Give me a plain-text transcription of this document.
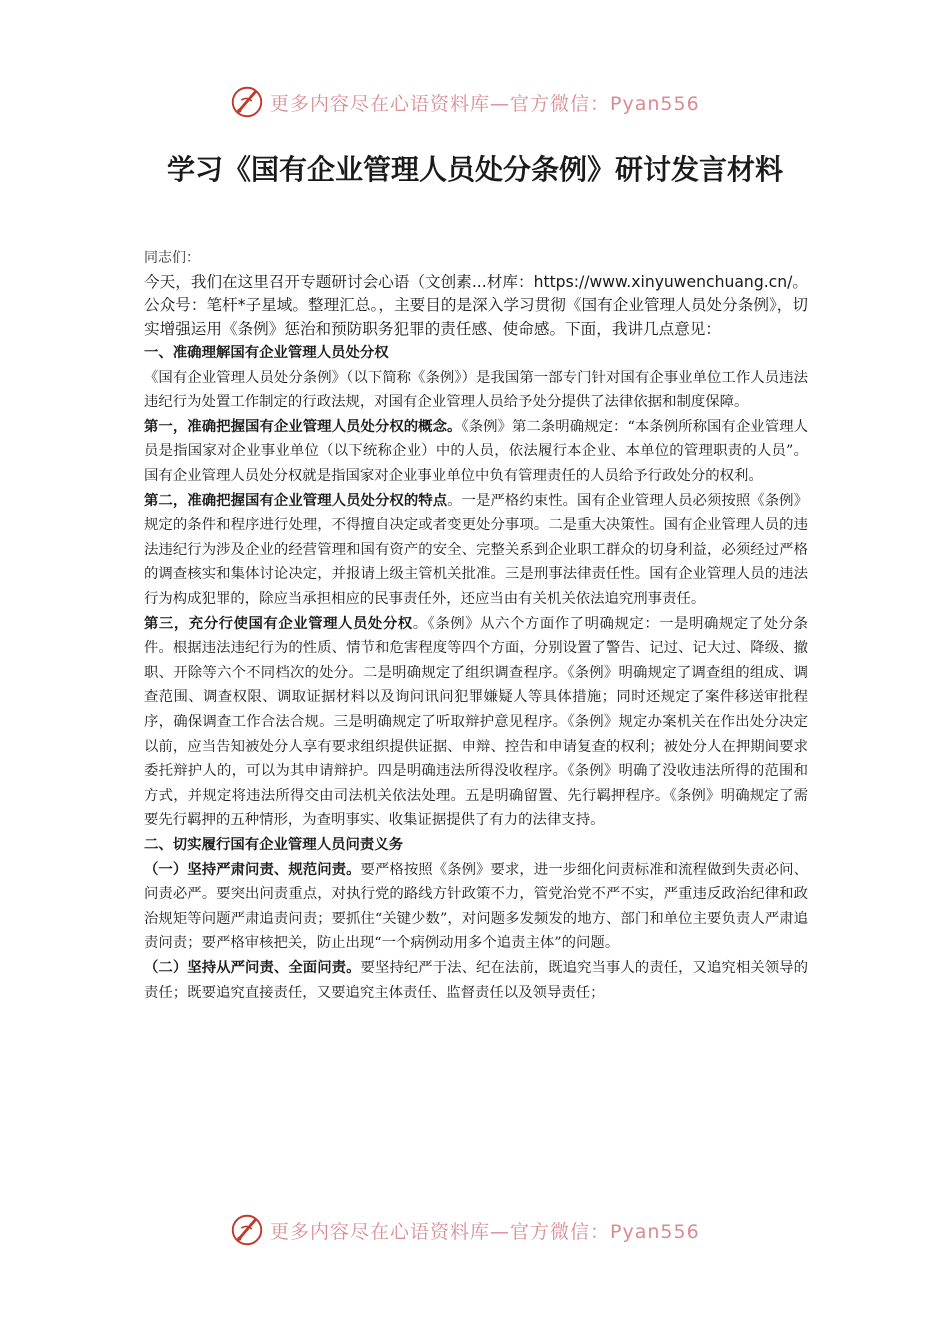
更多内容尽在心语资料库—官方微信：Pyan556
学习《国有企业管理人员处分条例》研讨发言材料

同志们：

今天，我们在这里召开专题研讨会心语（文创素...材库：https://www.xinyuwenchuang.cn/。公众号：笔杆*子星域。整理汇总。，主要目的是深入学习贯彻《国有企业管理人员处分条例》，切实增强运用《条例》惩治和预防职务犯罪的责任感、使命感。下面，我讲几点意见：

一、准确理解国有企业管理人员处分权

《国有企业管理人员处分条例》（以下简称《条例》）是我国第一部专门针对国有企事业单位工作人员违法违纪行为处置工作制定的行政法规，对国有企业管理人员给予处分提供了法律依据和制度保障。

第一，准确把握国有企业管理人员处分权的概念。《条例》第二条明确规定：“本条例所称国有企业管理人员是指国家对企业事业单位（以下统称企业）中的人员，依法履行本企业、本单位的管理职责的人员”。国有企业管理人员处分权就是指国家对企业事业单位中负有管理责任的人员给予行政处分的权利。

第二，准确把握国有企业管理人员处分权的特点。一是严格约束性。国有企业管理人员必须按照《条例》规定的条件和程序进行处理，不得擅自决定或者变更处分事项。二是重大决策性。国有企业管理人员的违法违纪行为涉及企业的经营管理和国有资产的安全、完整关系到企业职工群众的切身利益，必须经过严格的调查核实和集体讨论决定，并报请上级主管机关批准。三是刑事法律责任性。国有企业管理人员的违法行为构成犯罪的，除应当承担相应的民事责任外，还应当由有关机关依法追究刑事责任。

第三，充分行使国有企业管理人员处分权。《条例》从六个方面作了明确规定：一是明确规定了处分条件。根据违法违纪行为的性质、情节和危害程度等四个方面，分别设置了警告、记过、记大过、降级、撤职、开除等六个不同档次的处分。二是明确规定了组织调查程序。《条例》明确规定了调查组的组成、调查范围、调查权限、调取证据材料以及询问讯问犯罪嫌疑人等具体措施；同时还规定了案件移送审批程序，确保调查工作合法合规。三是明确规定了听取辩护意见程序。《条例》规定办案机关在作出处分决定以前，应当告知被处分人享有要求组织提供证据、申辩、控告和申请复查的权利；被处分人在押期间要求委托辩护人的，可以为其申请辩护。四是明确违法所得没收程序。《条例》明确了没收违法所得的范围和方式，并规定将违法所得交由司法机关依法处理。五是明确留置、先行羁押程序。《条例》明确规定了需要先行羁押的五种情形，为查明事实、收集证据提供了有力的法律支持。

二、切实履行国有企业管理人员问责义务

（一）坚持严肃问责、规范问责。要严格按照《条例》要求，进一步细化问责标准和流程做到失责必问、问责必严。要突出问责重点，对执行党的路线方针政策不力，管党治党不严不实，严重违反政治纪律和政治规矩等问题严肃追责问责；要抓住“关键少数”，对问题多发频发的地方、部门和单位主要负责人严肃追责问责；要严格审核把关，防止出现“一个病例动用多个追责主体”的问题。

（二）坚持从严问责、全面问责。要坚持纪严于法、纪在法前，既追究当事人的责任，又追究相关领导的责任；既要追究直接责任，又要追究主体责任、监督责任以及领导责任；

更多内容尽在心语资料库—官方微信：Pyan556
